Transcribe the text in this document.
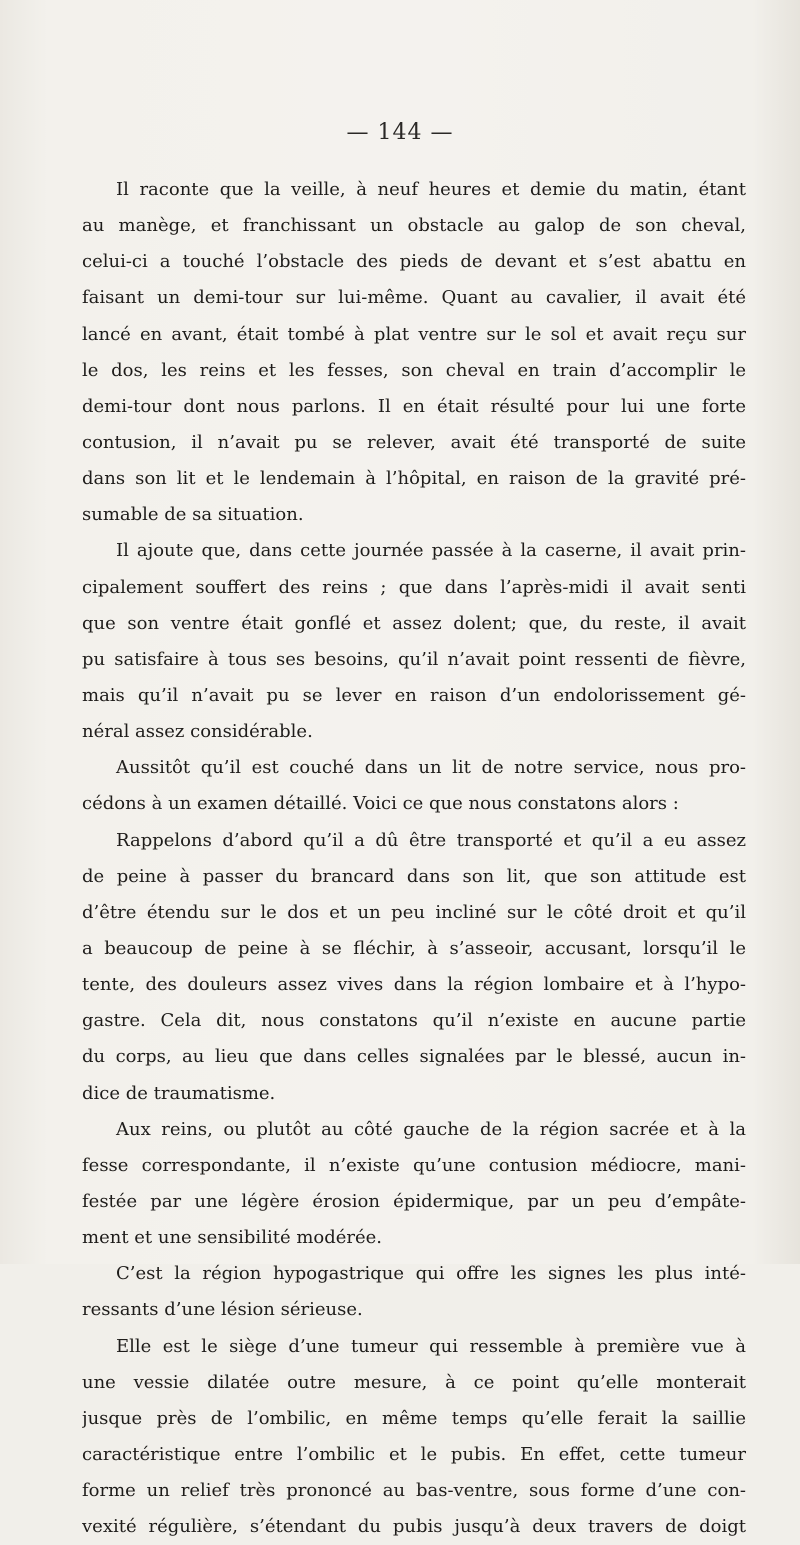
— 144 —
Il raconte que la veille, à neuf heures et demie du matin, étant
au manège, et franchissant un obstacle au galop de son cheval,
celui-ci a touché l’obstacle des pieds de devant et s’est abattu en
faisant un demi-tour sur lui-même. Quant au cavalier, il avait été
lancé en avant, était tombé à plat ventre sur le sol et avait reçu sur
le dos, les reins et les fesses, son cheval en train d’accomplir le
demi-tour dont nous parlons. Il en était résulté pour lui une forte
contusion, il n’avait pu se relever, avait été transporté de suite
dans son lit et le lendemain à l’hôpital, en raison de la gravité pré-
sumable de sa situation.
Il ajoute que, dans cette journée passée à la caserne, il avait prin-
cipalement souffert des reins ; que dans l’après-midi il avait senti
que son ventre était gonflé et assez dolent; que, du reste, il avait
pu satisfaire à tous ses besoins, qu’il n’avait point ressenti de fièvre,
mais qu’il n’avait pu se lever en raison d’un endolorissement gé-
néral assez considérable.
Aussitôt qu’il est couché dans un lit de notre service, nous pro-
cédons à un examen détaillé. Voici ce que nous constatons alors :
Rappelons d’abord qu’il a dû être transporté et qu’il a eu assez
de peine à passer du brancard dans son lit, que son attitude est
d’être étendu sur le dos et un peu incliné sur le côté droit et qu’il
a beaucoup de peine à se fléchir, à s’asseoir, accusant, lorsqu’il le
tente, des douleurs assez vives dans la région lombaire et à l’hypo-
gastre. Cela dit, nous constatons qu’il n’existe en aucune partie
du corps, au lieu que dans celles signalées par le blessé, aucun in-
dice de traumatisme.
Aux reins, ou plutôt au côté gauche de la région sacrée et à la
fesse correspondante, il n’existe qu’une contusion médiocre, mani-
festée par une légère érosion épidermique, par un peu d’empâte-
ment et une sensibilité modérée.
C’est la région hypogastrique qui offre les signes les plus inté-
ressants d’une lésion sérieuse.
Elle est le siège d’une tumeur qui ressemble à première vue à
une vessie dilatée outre mesure, à ce point qu’elle monterait
jusque près de l’ombilic, en même temps qu’elle ferait la saillie
caractéristique entre l’ombilic et le pubis. En effet, cette tumeur
forme un relief très prononcé au bas-ventre, sous forme d’une con-
vexité régulière, s’étendant du pubis jusqu’à deux travers de doigt
